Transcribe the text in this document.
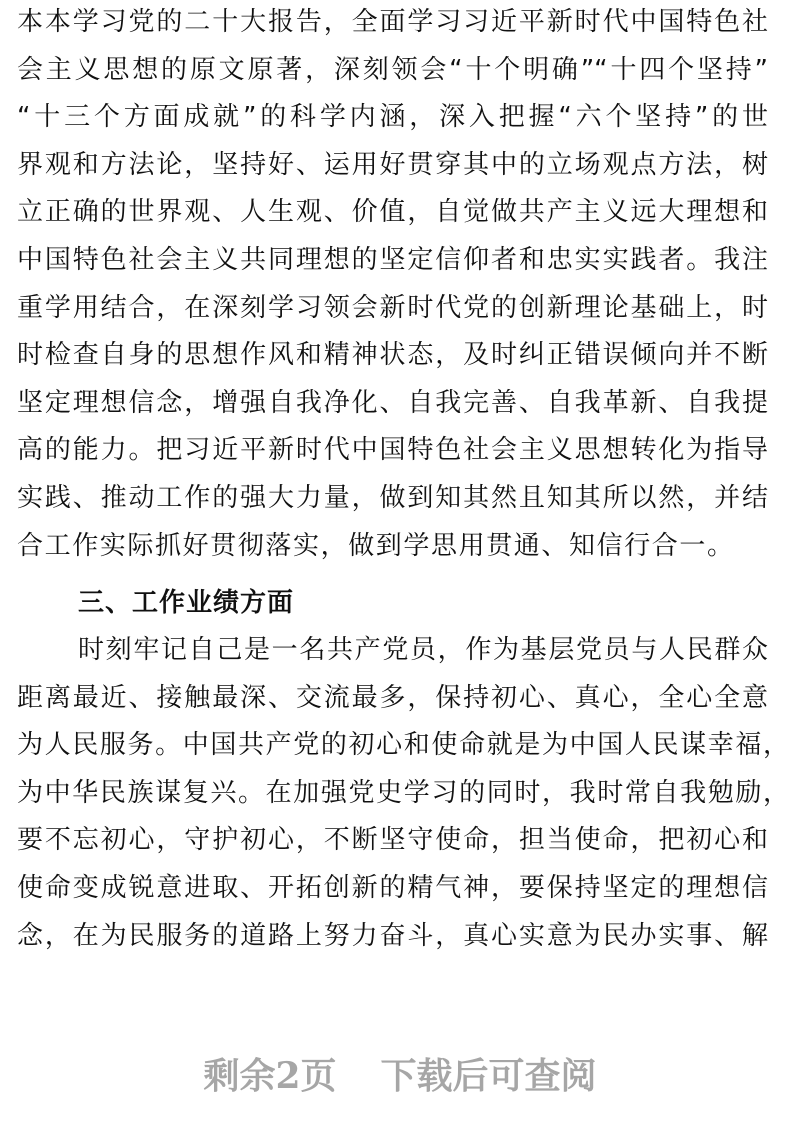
本本学习党的二十大报告，全面学习习近平新时代中国特色社
会主义思想的原文原著，深刻领会“十个明确”“十四个坚持”
“十三个方面成就”的科学内涵，深入把握“六个坚持”的世
界观和方法论，坚持好、运用好贯穿其中的立场观点方法，树
立正确的世界观、人生观、价值，自觉做共产主义远大理想和
中国特色社会主义共同理想的坚定信仰者和忠实实践者。我注
重学用结合，在深刻学习领会新时代党的创新理论基础上，时
时检查自身的思想作风和精神状态，及时纠正错误倾向并不断
坚定理想信念，增强自我净化、自我完善、自我革新、自我提
高的能力。把习近平新时代中国特色社会主义思想转化为指导
实践、推动工作的强大力量，做到知其然且知其所以然，并结
合工作实际抓好贯彻落实，做到学思用贯通、知信行合一。
三、工作业绩方面
时刻牢记自己是一名共产党员，作为基层党员与人民群众
距离最近、接触最深、交流最多，保持初心、真心，全心全意
为人民服务。中国共产党的初心和使命就是为中国人民谋幸福，
为中华民族谋复兴。在加强党史学习的同时，我时常自我勉励，
要不忘初心，守护初心，不断坚守使命，担当使命，把初心和
使命变成锐意进取、开拓创新的精气神，要保持坚定的理想信
念，在为民服务的道路上努力奋斗，真心实意为民办实事、解
剩余2页 下载后可查阅
